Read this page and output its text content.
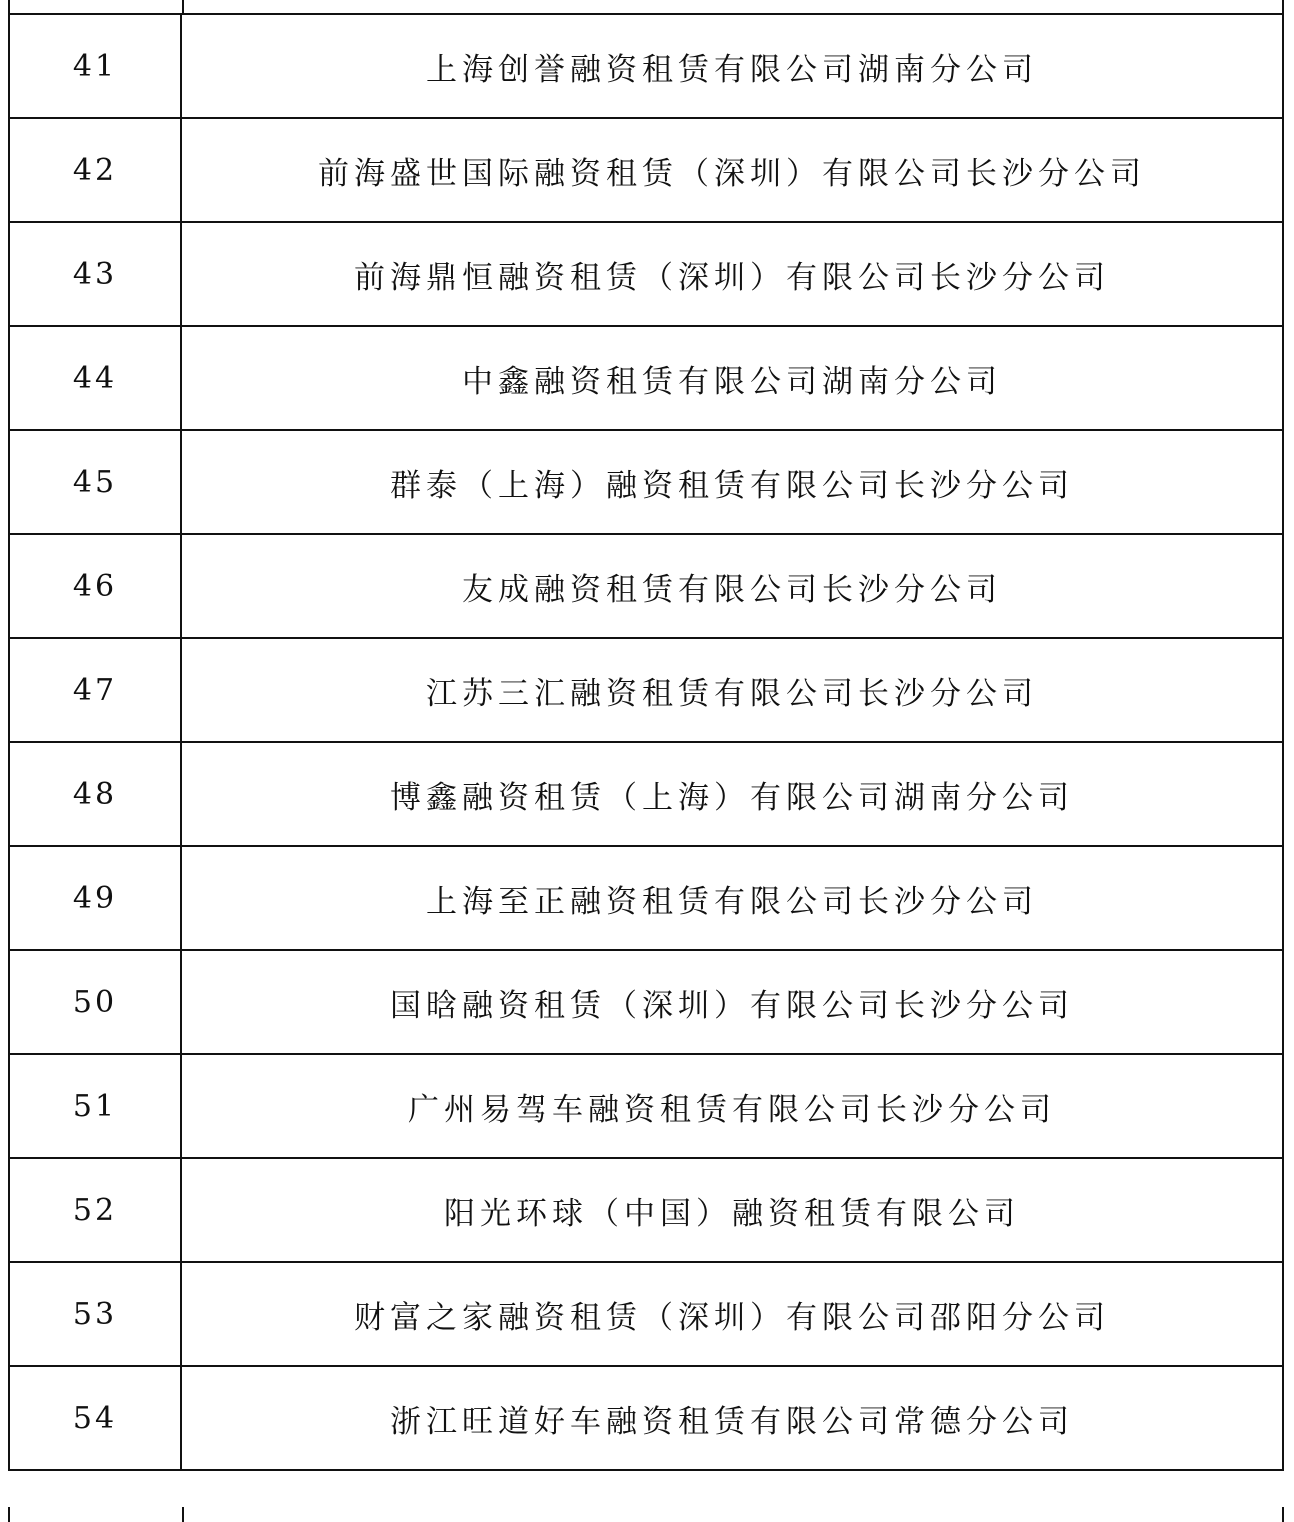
41	上海创誉融资租赁有限公司湖南分公司
42	前海盛世国际融资租赁（深圳）有限公司长沙分公司
43	前海鼎恒融资租赁（深圳）有限公司长沙分公司
44	中鑫融资租赁有限公司湖南分公司
45	群泰（上海）融资租赁有限公司长沙分公司
46	友成融资租赁有限公司长沙分公司
47	江苏三汇融资租赁有限公司长沙分公司
48	博鑫融资租赁（上海）有限公司湖南分公司
49	上海至正融资租赁有限公司长沙分公司
50	国晗融资租赁（深圳）有限公司长沙分公司
51	广州易驾车融资租赁有限公司长沙分公司
52	阳光环球（中国）融资租赁有限公司
53	财富之家融资租赁（深圳）有限公司邵阳分公司
54	浙江旺道好车融资租赁有限公司常德分公司
